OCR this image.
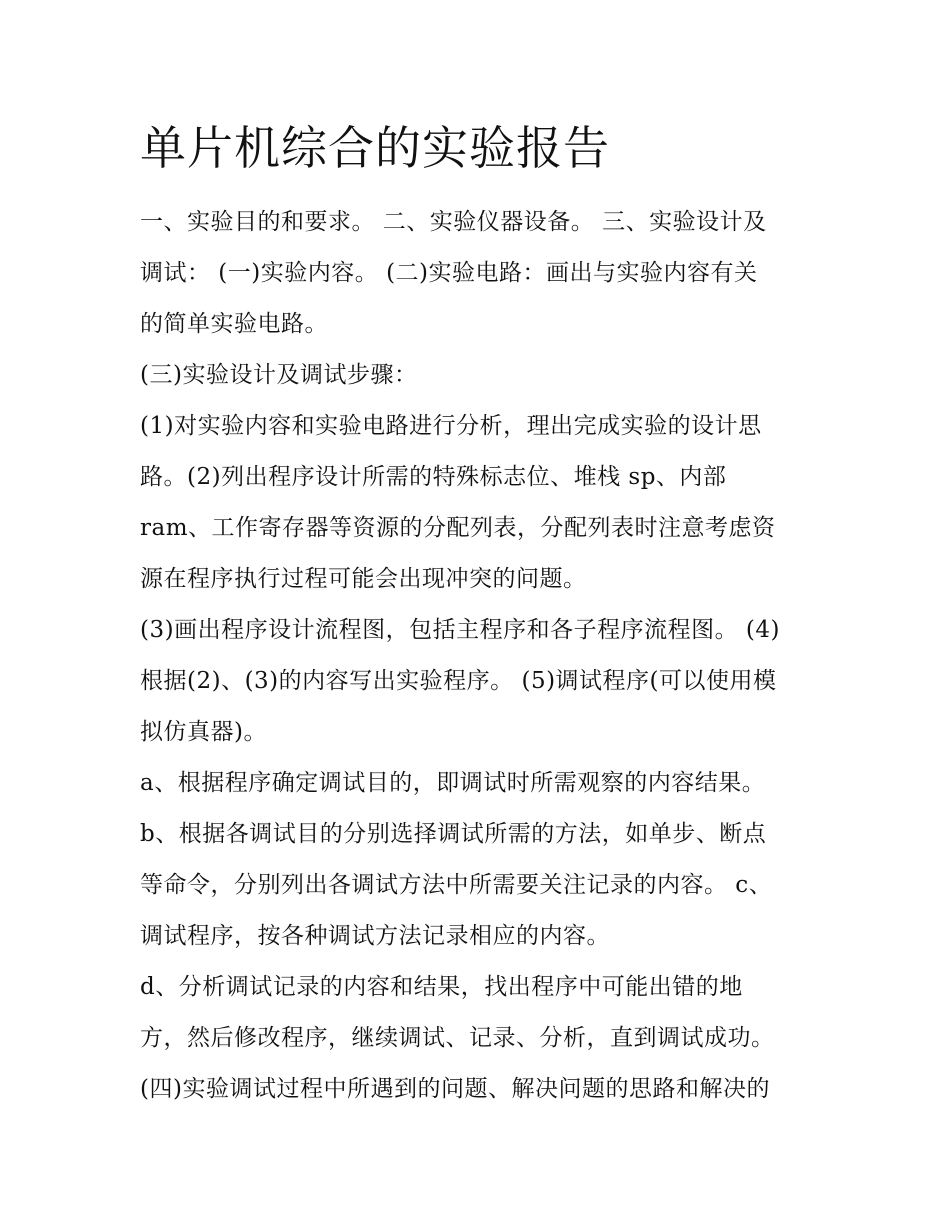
单片机综合的实验报告

一、实验目的和要求。 二、实验仪器设备。 三、实验设计及

调试： (一)实验内容。 (二)实验电路：画出与实验内容有关

的简单实验电路。

(三)实验设计及调试步骤：

(1)对实验内容和实验电路进行分析，理出完成实验的设计思

路。(2)列出程序设计所需的特殊标志位、堆栈 sp、内部

ram、工作寄存器等资源的分配列表，分配列表时注意考虑资

源在程序执行过程可能会出现冲突的问题。

(3)画出程序设计流程图，包括主程序和各子程序流程图。 (4)

根据(2)、(3)的内容写出实验程序。 (5)调试程序(可以使用模

拟仿真器)。

a、根据程序确定调试目的，即调试时所需观察的内容结果。

b、根据各调试目的分别选择调试所需的方法，如单步、断点

等命令，分别列出各调试方法中所需要关注记录的内容。 c、

调试程序，按各种调试方法记录相应的内容。

d、分析调试记录的内容和结果，找出程序中可能出错的地

方，然后修改程序，继续调试、记录、分析，直到调试成功。

(四)实验调试过程中所遇到的问题、解决问题的思路和解决的
